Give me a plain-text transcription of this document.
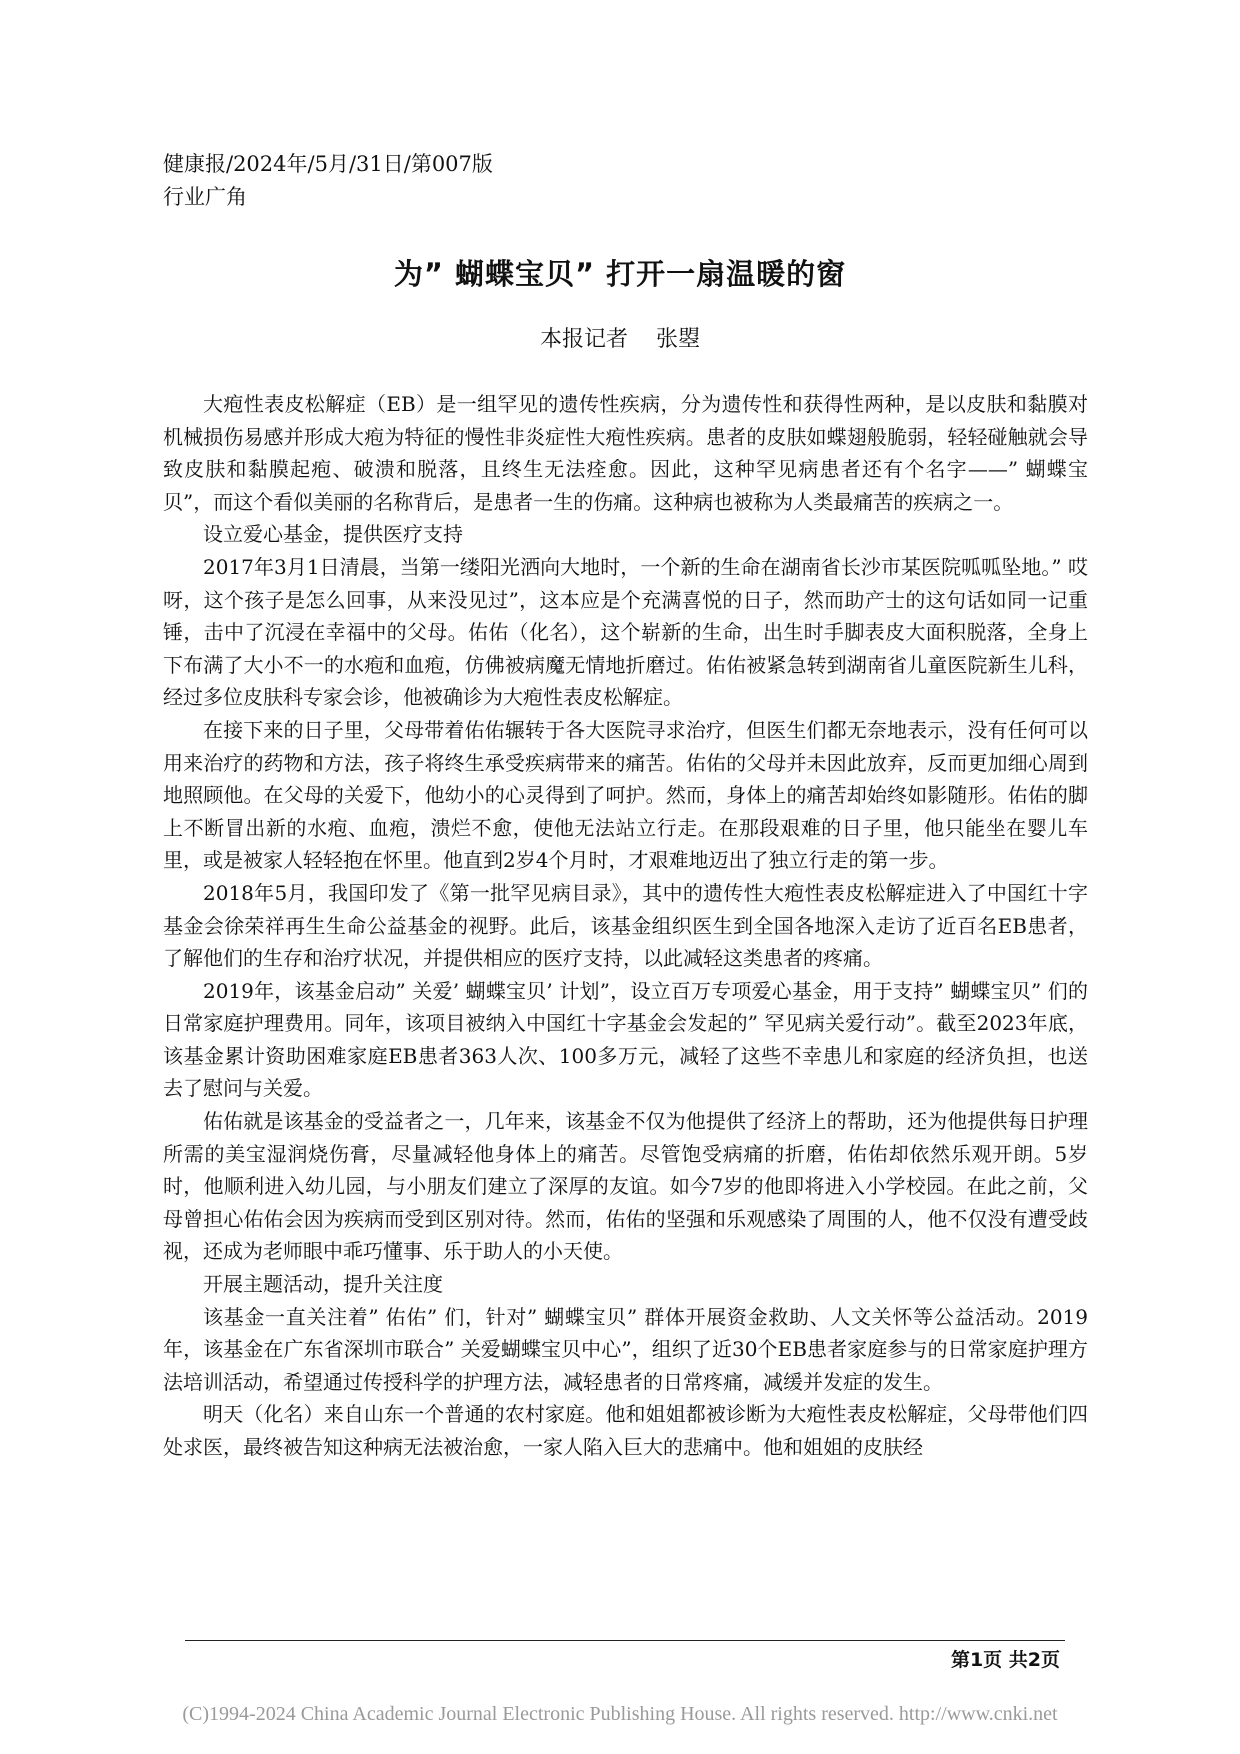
健康报/2024年/5月/31日/第007版
行业广角
为” 蝴蝶宝贝” 打开一扇温暖的窗
本报记者    张曌

大疱性表皮松解症（EB）是一组罕见的遗传性疾病，分为遗传性和获得性两种，是以皮肤和黏膜对机械损伤易感并形成大疱为特征的慢性非炎症性大疱性疾病。患者的皮肤如蝶翅般脆弱，轻轻碰触就会导致皮肤和黏膜起疱、破溃和脱落，且终生无法痊愈。因此，这种罕见病患者还有个名字——” 蝴蝶宝贝”，而这个看似美丽的名称背后，是患者一生的伤痛。这种病也被称为人类最痛苦的疾病之一。

设立爱心基金，提供医疗支持

2017年3月1日清晨，当第一缕阳光洒向大地时，一个新的生命在湖南省长沙市某医院呱呱坠地。” 哎呀，这个孩子是怎么回事，从来没见过”，这本应是个充满喜悦的日子，然而助产士的这句话如同一记重锤，击中了沉浸在幸福中的父母。佑佑（化名），这个崭新的生命，出生时手脚表皮大面积脱落，全身上下布满了大小不一的水疱和血疱，仿佛被病魔无情地折磨过。佑佑被紧急转到湖南省儿童医院新生儿科，经过多位皮肤科专家会诊，他被确诊为大疱性表皮松解症。

在接下来的日子里，父母带着佑佑辗转于各大医院寻求治疗，但医生们都无奈地表示，没有任何可以用来治疗的药物和方法，孩子将终生承受疾病带来的痛苦。佑佑的父母并未因此放弃，反而更加细心周到地照顾他。在父母的关爱下，他幼小的心灵得到了呵护。然而，身体上的痛苦却始终如影随形。佑佑的脚上不断冒出新的水疱、血疱，溃烂不愈，使他无法站立行走。在那段艰难的日子里，他只能坐在婴儿车里，或是被家人轻轻抱在怀里。他直到2岁4个月时，才艰难地迈出了独立行走的第一步。

2018年5月，我国印发了《第一批罕见病目录》，其中的遗传性大疱性表皮松解症进入了中国红十字基金会徐荣祥再生生命公益基金的视野。此后，该基金组织医生到全国各地深入走访了近百名EB患者，了解他们的生存和治疗状况，并提供相应的医疗支持，以此减轻这类患者的疼痛。

2019年，该基金启动” 关爱’ 蝴蝶宝贝’ 计划”，设立百万专项爱心基金，用于支持” 蝴蝶宝贝” 们的日常家庭护理费用。同年，该项目被纳入中国红十字基金会发起的” 罕见病关爱行动”。截至2023年底，该基金累计资助困难家庭EB患者363人次、100多万元，减轻了这些不幸患儿和家庭的经济负担，也送去了慰问与关爱。

佑佑就是该基金的受益者之一，几年来，该基金不仅为他提供了经济上的帮助，还为他提供每日护理所需的美宝湿润烧伤膏，尽量减轻他身体上的痛苦。尽管饱受病痛的折磨，佑佑却依然乐观开朗。5岁时，他顺利进入幼儿园，与小朋友们建立了深厚的友谊。如今7岁的他即将进入小学校园。在此之前，父母曾担心佑佑会因为疾病而受到区别对待。然而，佑佑的坚强和乐观感染了周围的人，他不仅没有遭受歧视，还成为老师眼中乖巧懂事、乐于助人的小天使。

开展主题活动，提升关注度

该基金一直关注着” 佑佑” 们，针对” 蝴蝶宝贝” 群体开展资金救助、人文关怀等公益活动。2019年，该基金在广东省深圳市联合” 关爱蝴蝶宝贝中心”，组织了近30个EB患者家庭参与的日常家庭护理方法培训活动，希望通过传授科学的护理方法，减轻患者的日常疼痛，减缓并发症的发生。

明天（化名）来自山东一个普通的农村家庭。他和姐姐都被诊断为大疱性表皮松解症，父母带他们四处求医，最终被告知这种病无法被治愈，一家人陷入巨大的悲痛中。他和姐姐的皮肤经

第1页 共2页
(C)1994-2024 China Academic Journal Electronic Publishing House. All rights reserved. http://www.cnki.net
